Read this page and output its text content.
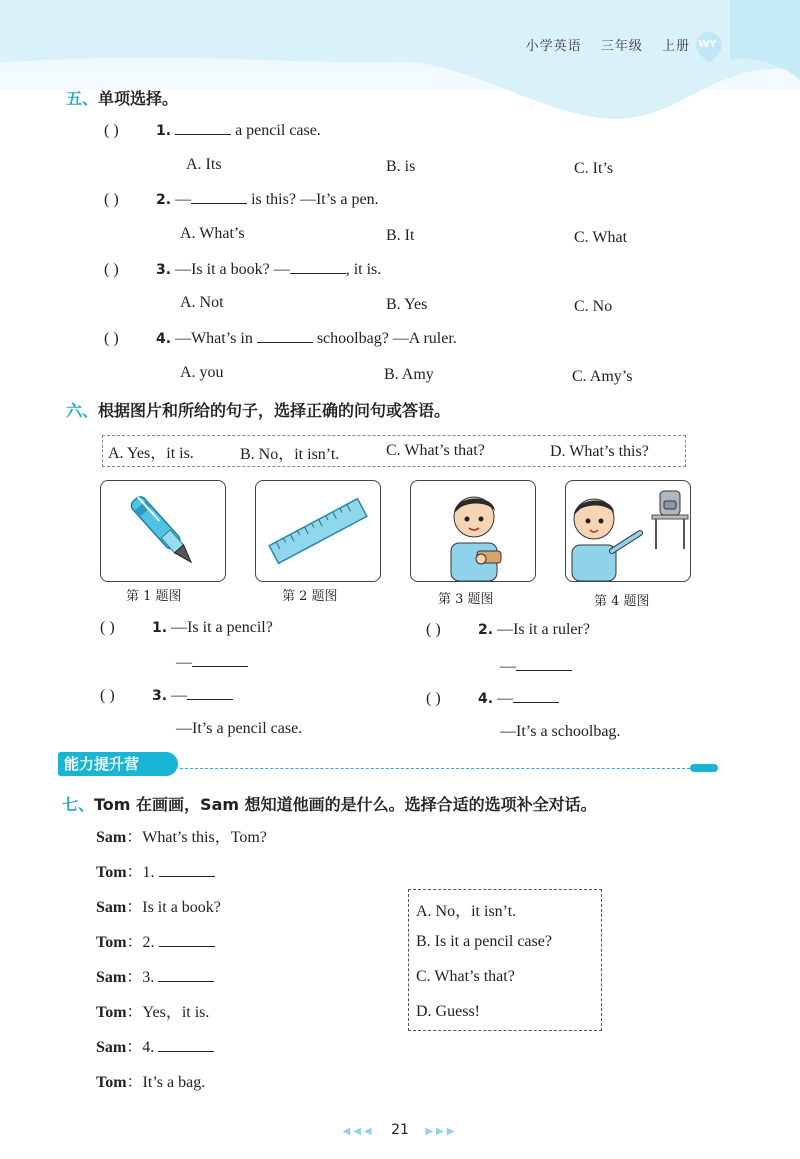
小学英语 三年级 上册 WY
五、单项选择。
( )	1.	a pencil case.
A. Its	B. is	C. It’s
( )	2. —	is this? —It’s a pen.
A. What’s	B. It	C. What
( )	3. —Is it a book? —	, it is.
A. Not	B. Yes	C. No
( )	4. —What’s in	schoolbag? —A ruler.
A. you	B. Amy	C. Amy’s
六、根据图片和所给的句子，选择正确的问句或答语。
A. Yes，it is.	B. No，it isn’t.	C. What’s that?	D. What’s this?
第 1 题图	第 2 题图	第 3 题图	第 4 题图
( )	1. —Is it a pencil?
—
( )	2. —Is it a ruler?
—
( )	3. —
—It’s a pencil case.
( )	4. —
—It’s a schoolbag.
能力提升营
七、Tom 在画画，Sam 想知道他画的是什么。选择合适的选项补全对话。
Sam：What’s this，Tom?
Tom：1.
Sam：Is it a book?
Tom：2.
Sam：3.
Tom：Yes，it is.
Sam：4.
Tom：It’s a bag.
A. No，it isn’t.
B. Is it a pencil case?
C. What’s that?
D. Guess!
◀◀◀ 21 ▶▶▶
